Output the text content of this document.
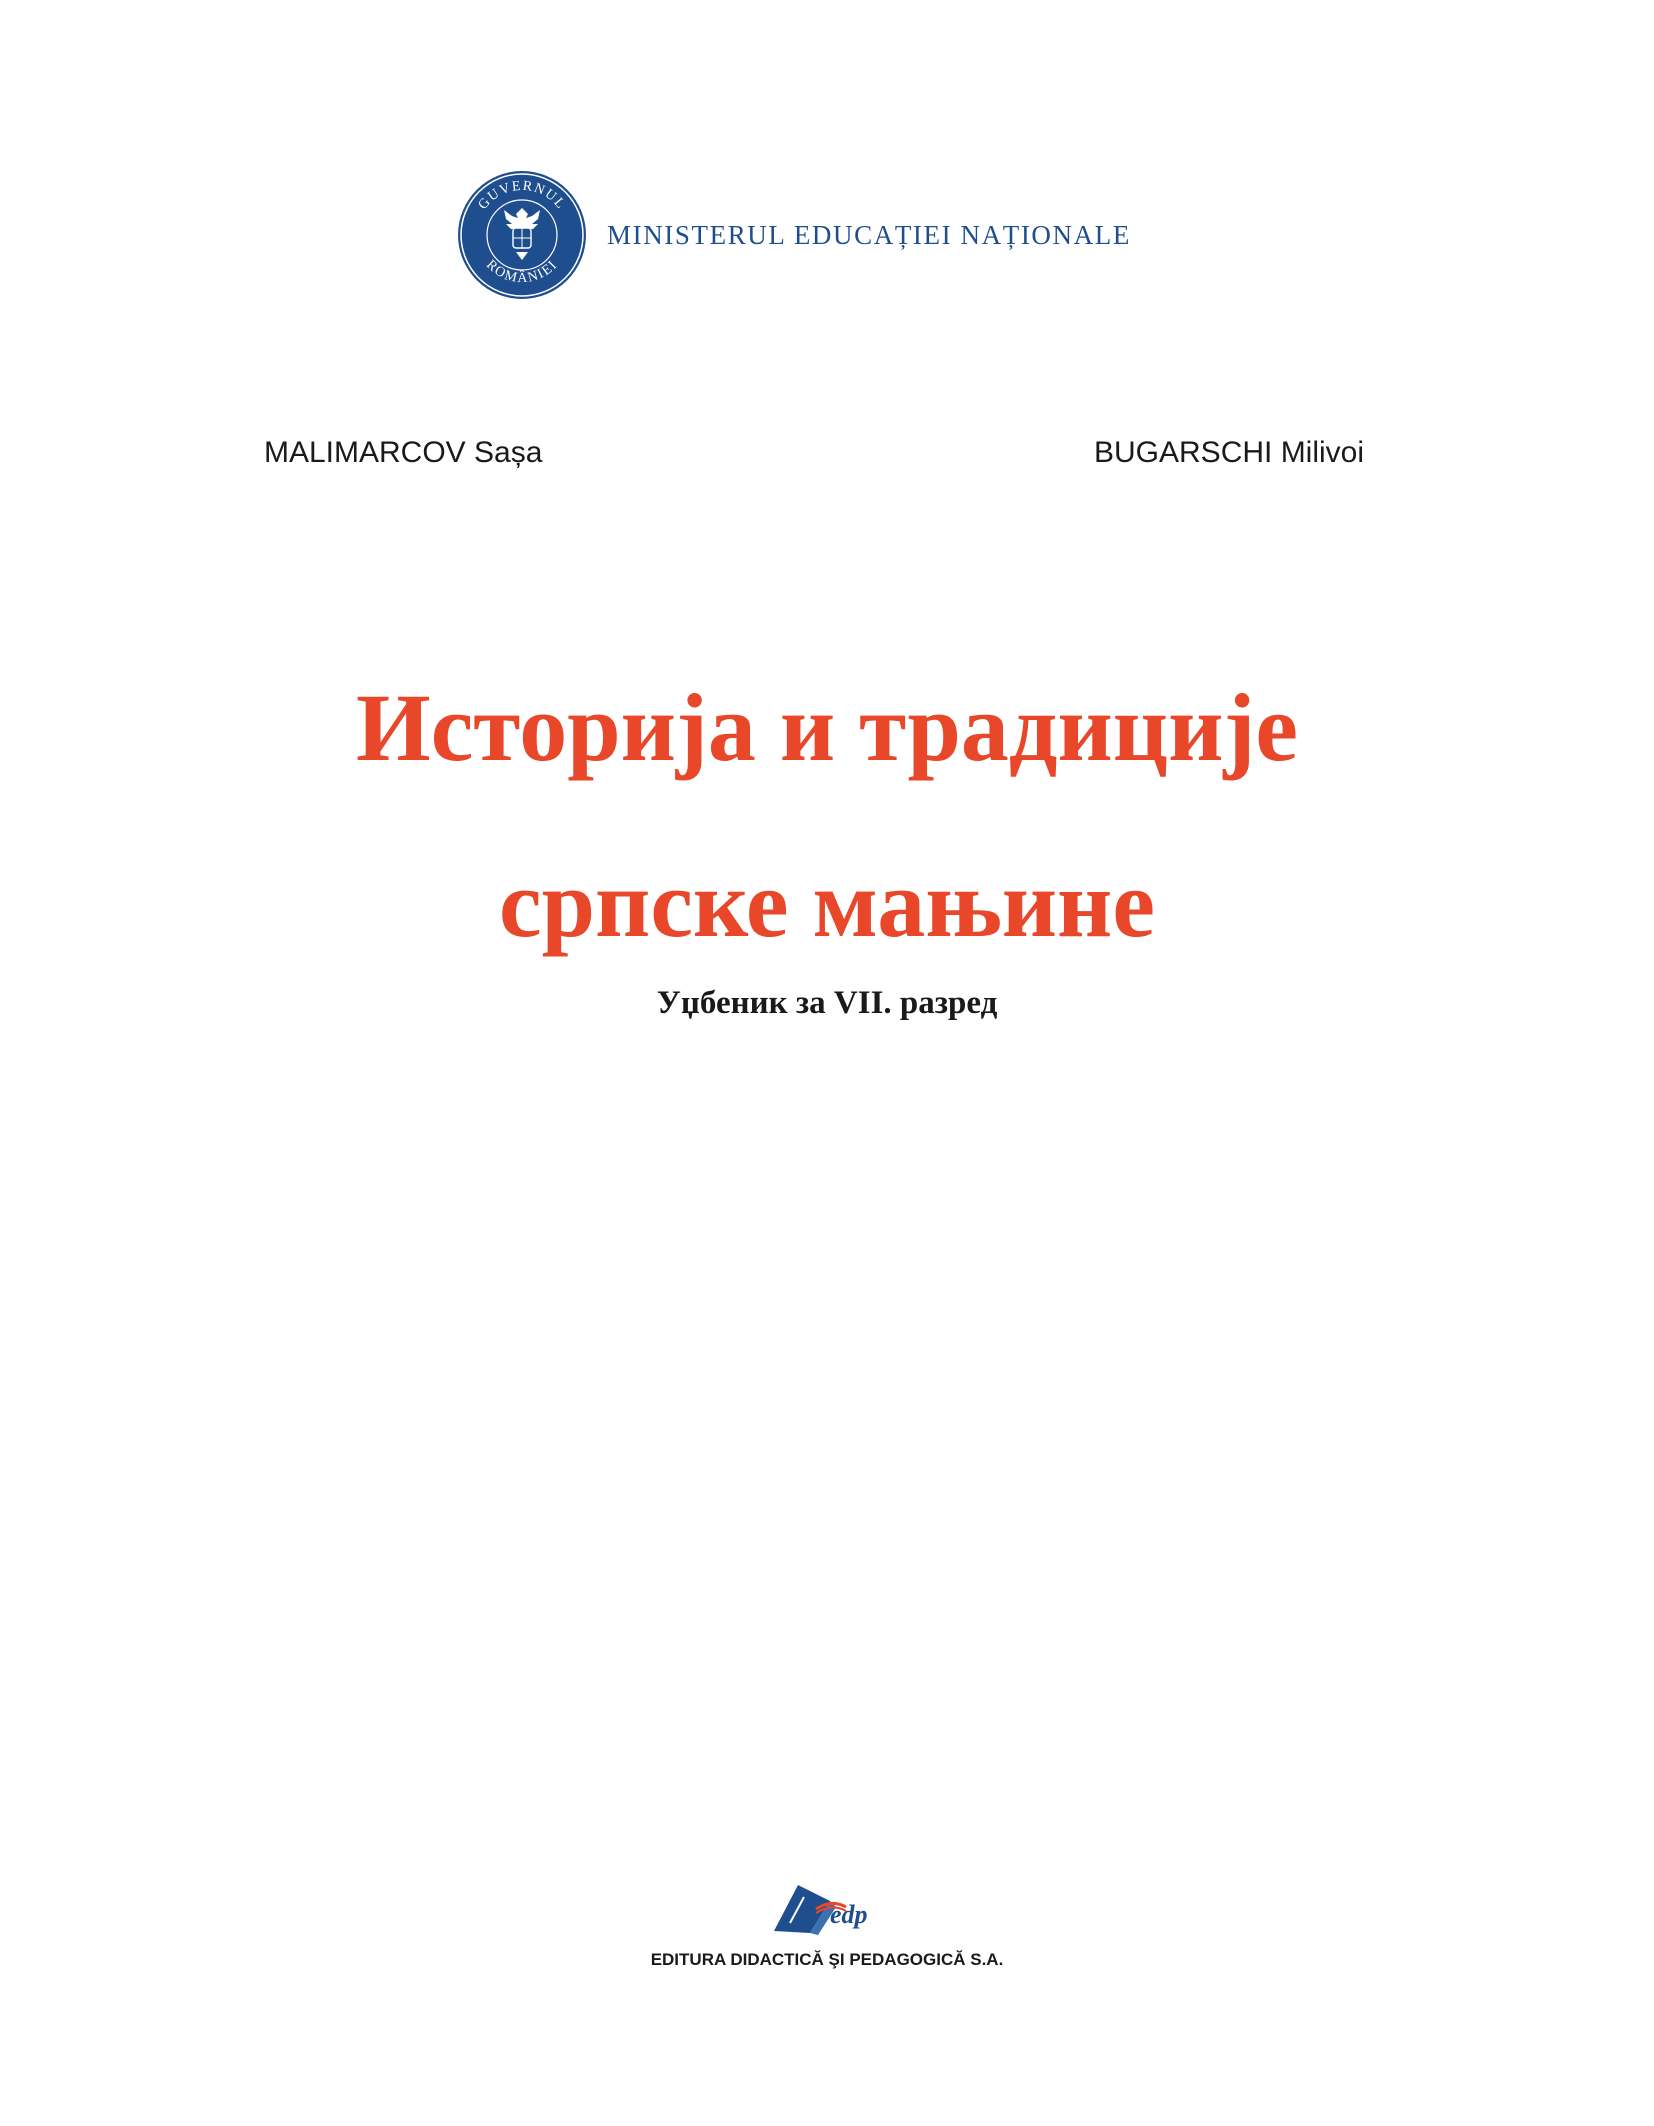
GUVERNUL
ROMÂNIEI
MINISTERUL EDUCAȚIEI NAȚIONALE
MALIMARCOV Sașa	BUGARSCHI Milivoi
Историја и традиције
српске мањине
Уџбеник за VII. разред
edp
EDITURA DIDACTICĂ ŞI PEDAGOGICĂ S.A.
